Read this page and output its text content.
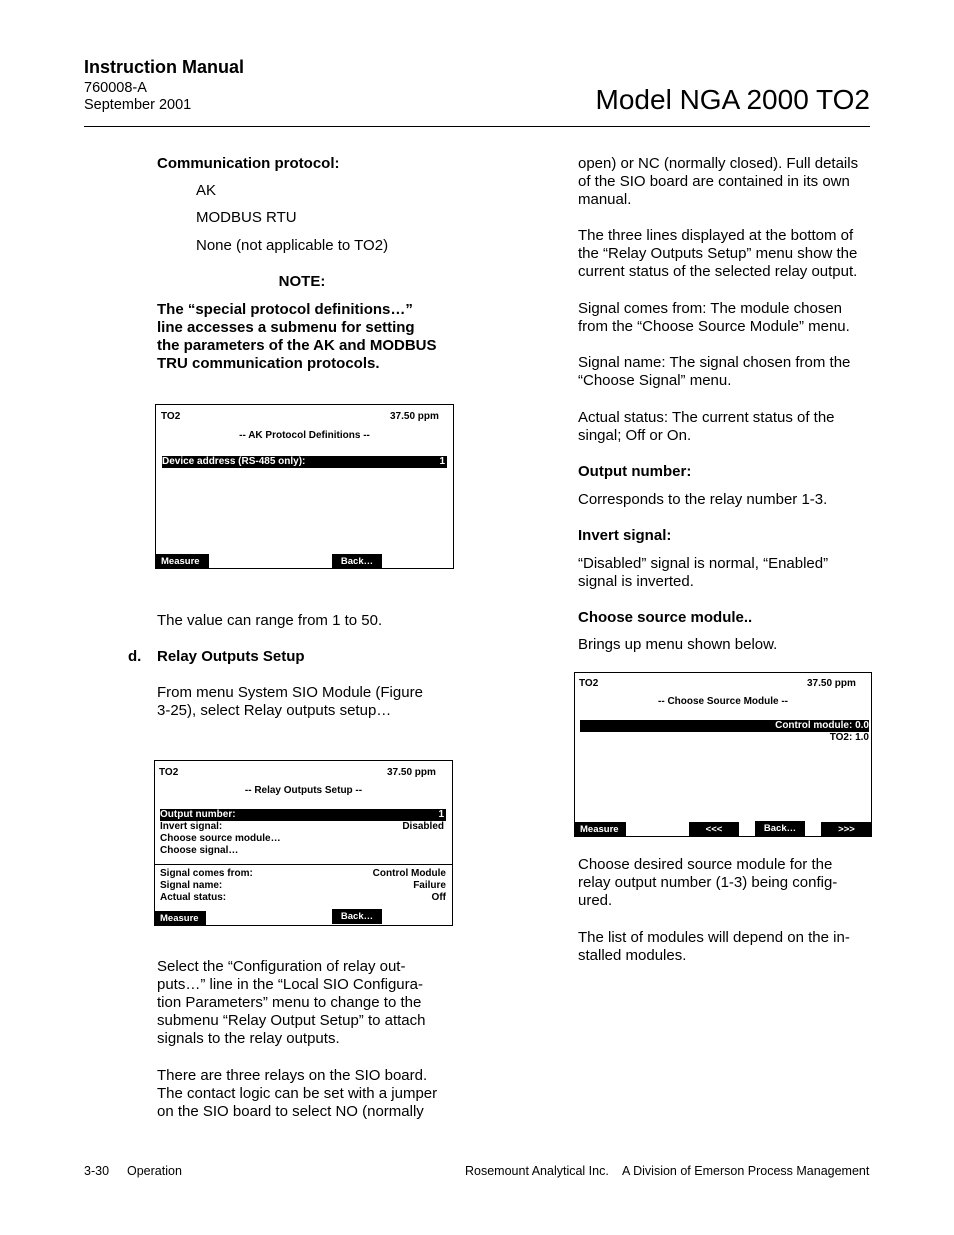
Instruction Manual
760008-A
September 2001	Model NGA 2000 TO2
Communication protocol:
AK
MODBUS RTU
None (not applicable to TO2)
NOTE:
The “special protocol definitions…”
line accesses a submenu for setting
the parameters of the AK and MODBUS
TRU communication protocols.
TO2	37.50 ppm
-- AK Protocol Definitions --
Device address (RS-485 only):	1
Measure	Back…
The value can range from 1 to 50.
d. Relay Outputs Setup
From menu System SIO Module (Figure
3-25), select Relay outputs setup…
TO2	37.50 ppm
-- Relay Outputs Setup --
Output number:	1
Invert signal:	Disabled
Choose source module…
Choose signal…
Signal comes from:	Control Module
Signal name:	Failure
Actual status:	Off
Measure	Back…
Select the “Configuration of relay out-
puts…” line in the “Local SIO Configura-
tion Parameters” menu to change to the
submenu “Relay Output Setup” to attach
signals to the relay outputs.
There are three relays on the SIO board.
The contact logic can be set with a jumper
on the SIO board to select NO (normally
open) or NC (normally closed). Full details
of the SIO board are contained in its own
manual.
The three lines displayed at the bottom of
the “Relay Outputs Setup” menu show the
current status of the selected relay output.
Signal comes from: The module chosen
from the “Choose Source Module” menu.
Signal name: The signal chosen from the
“Choose Signal” menu.
Actual status: The current status of the
singal; Off or On.
Output number:
Corresponds to the relay number 1-3.
Invert signal:
“Disabled” signal is normal, “Enabled”
signal is inverted.
Choose source module..
Brings up menu shown below.
TO2	37.50 ppm
-- Choose Source Module --
Control module: 0.0
TO2: 1.0
Measure	<<<	Back…	>>>
Choose desired source module for the
relay output number (1-3) being config-
ured.
The list of modules will depend on the in-
stalled modules.
3-30 Operation	Rosemount Analytical Inc. A Division of Emerson Process Management
